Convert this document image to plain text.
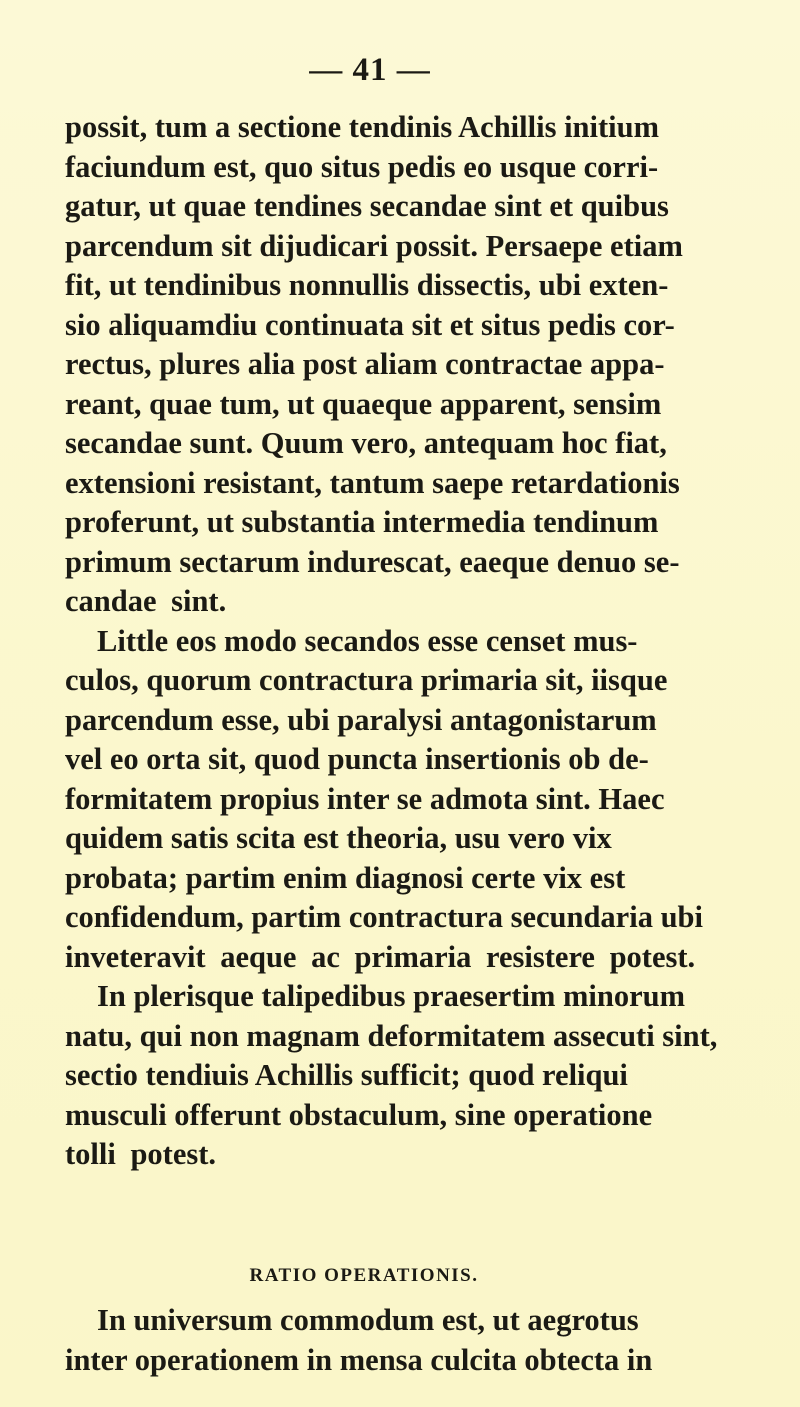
— 41 —
possit, tum a sectione tendinis Achillis initium
faciundum est, quo situs pedis eo usque corri-
gatur, ut quae tendines secandae sint et quibus
parcendum sit dijudicari possit. Persaepe etiam
fit, ut tendinibus nonnullis dissectis, ubi exten-
sio aliquamdiu continuata sit et situs pedis cor-
rectus, plures alia post aliam contractae appa-
reant, quae tum, ut quaeque apparent, sensim
secandae sunt. Quum vero, antequam hoc fiat,
extensioni resistant, tantum saepe retardationis
proferunt, ut substantia intermedia tendinum
primum sectarum indurescat, eaeque denuo se-
candae sint.
Little eos modo secandos esse censet mus-
culos, quorum contractura primaria sit, iisque
parcendum esse, ubi paralysi antagonistarum
vel eo orta sit, quod puncta insertionis ob de-
formitatem propius inter se admota sint. Haec
quidem satis scita est theoria, usu vero vix
probata; partim enim diagnosi certe vix est
confidendum, partim contractura secundaria ubi
inveteravit aeque ac primaria resistere potest.
In plerisque talipedibus praesertim minorum
natu, qui non magnam deformitatem assecuti sint,
sectio tendiuis Achillis sufficit; quod reliqui
musculi offerunt obstaculum, sine operatione
tolli potest.
RATIO OPERATIONIS.
In universum commodum est, ut aegrotus
inter operationem in mensa culcita obtecta in
